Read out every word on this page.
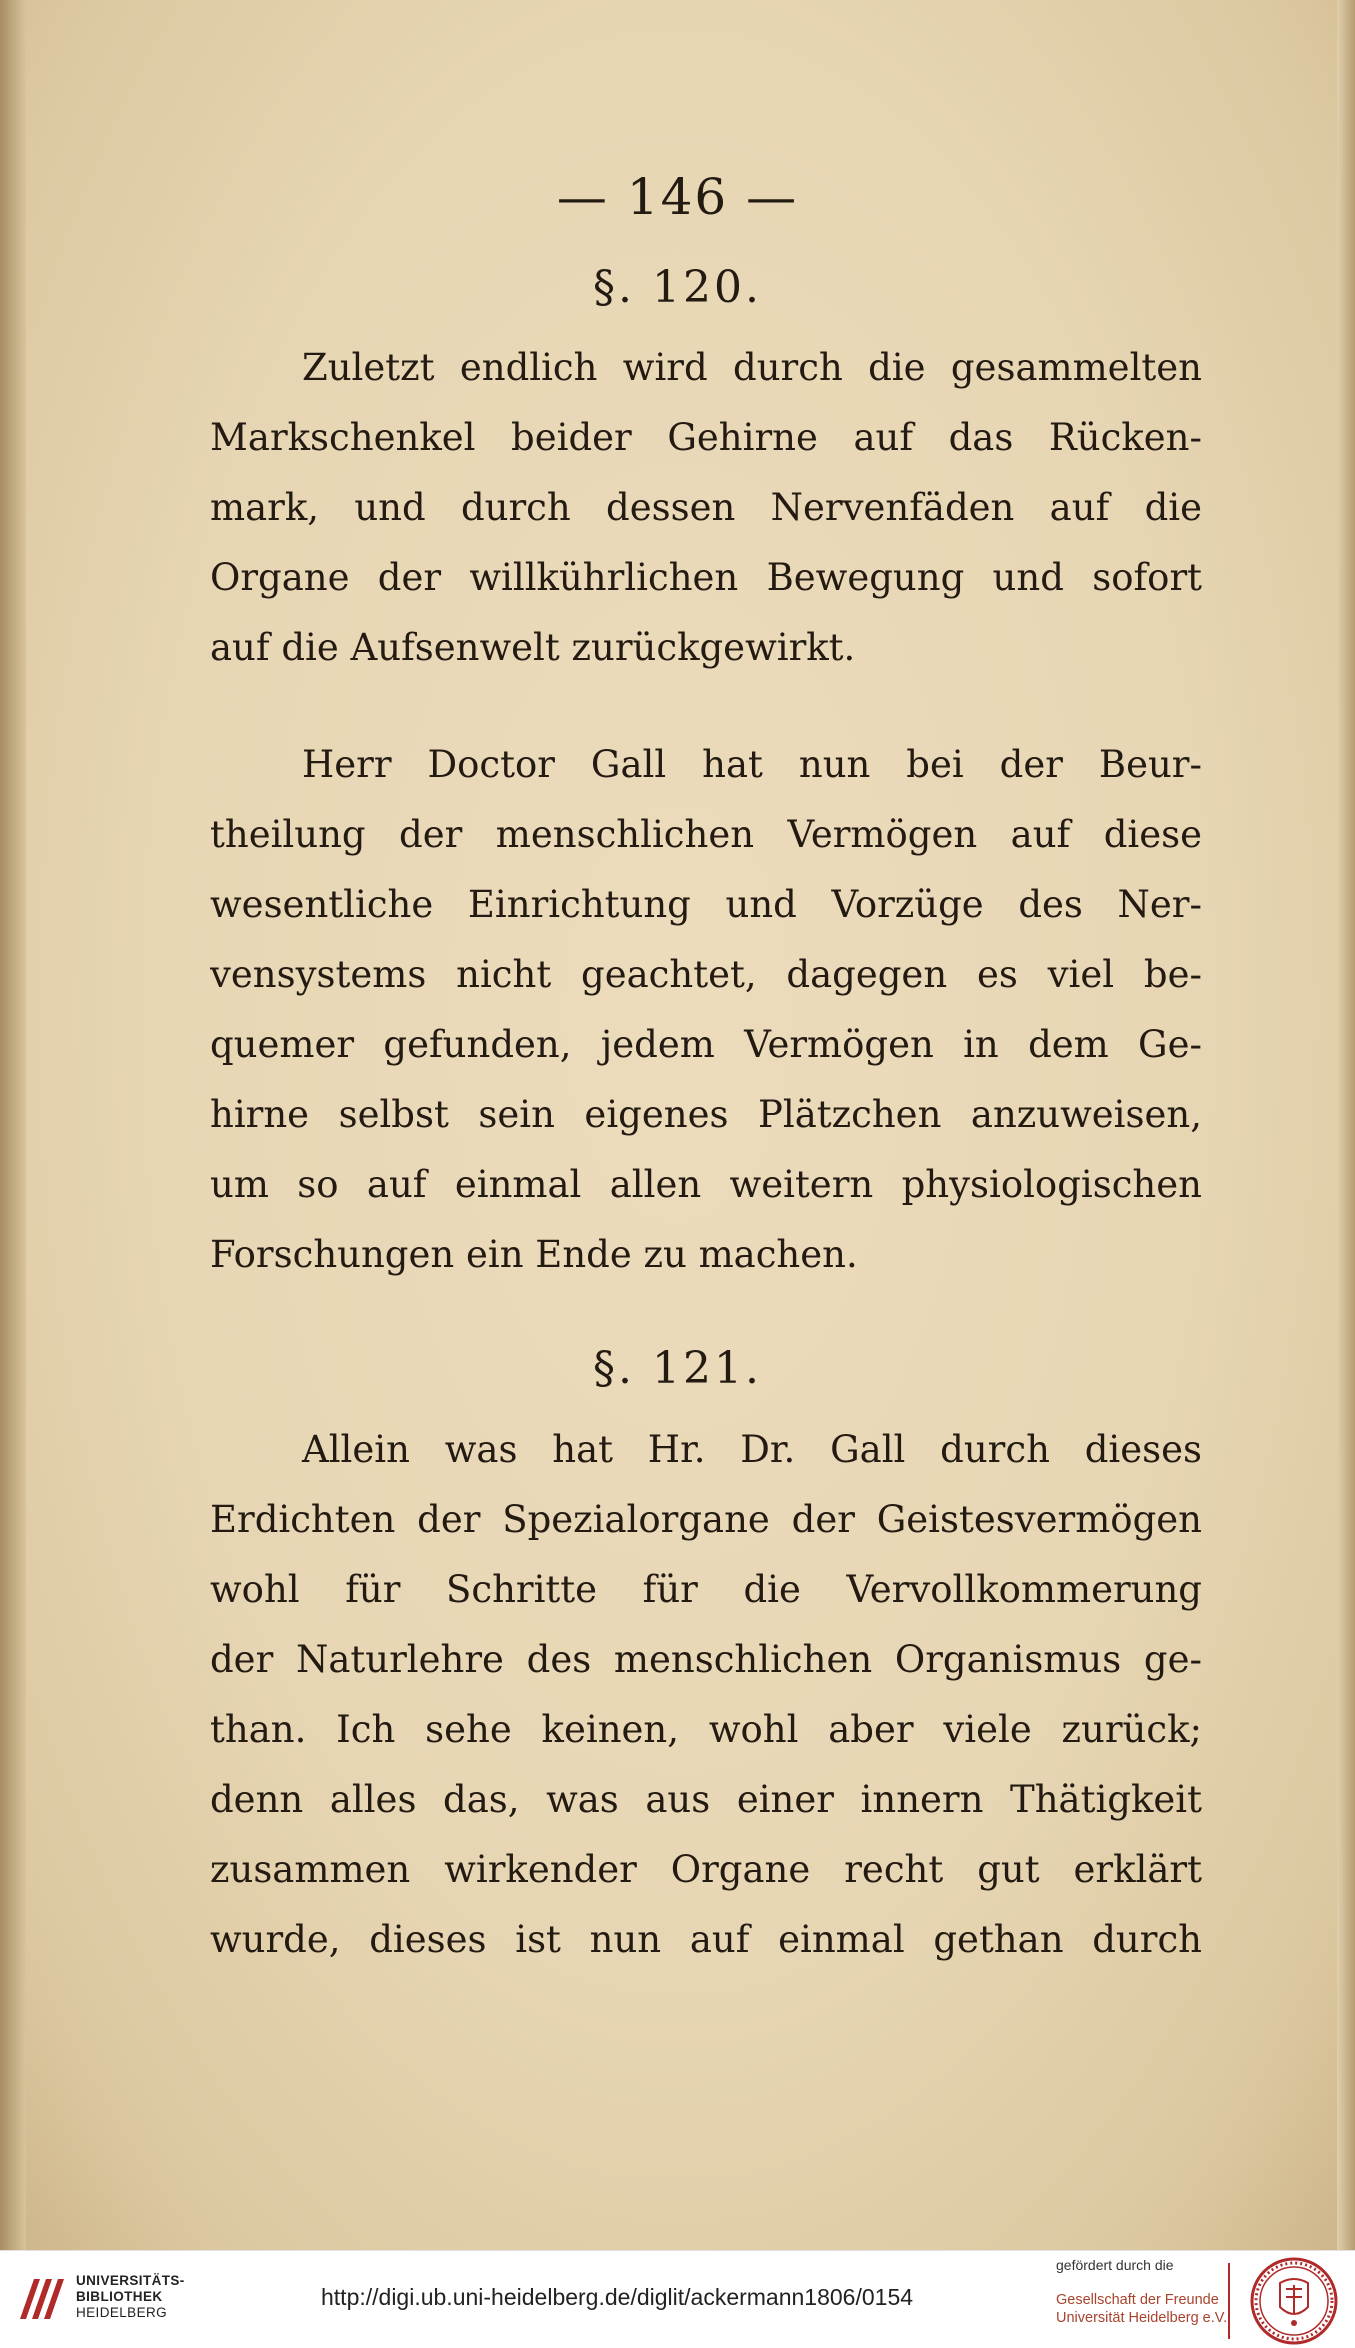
— 146 —
§. 120.
Zuletzt endlich wird durch die gesammelten
Markschenkel beider Gehirne auf das Rücken-
mark, und durch dessen Nervenfäden auf die
Organe der willkührlichen Bewegung und sofort
auf die Aufsenwelt zurückgewirkt.
Herr Doctor Gall hat nun bei der Beur-
theilung der menschlichen Vermögen auf diese
wesentliche Einrichtung und Vorzüge des Ner-
vensystems nicht geachtet, dagegen es viel be-
quemer gefunden, jedem Vermögen in dem Ge-
hirne selbst sein eigenes Plätzchen anzuweisen,
um so auf einmal allen weitern physiologischen
Forschungen ein Ende zu machen.
§. 121.
Allein was hat Hr. Dr. Gall durch dieses
Erdichten der Spezialorgane der Geistesvermögen
wohl für Schritte für die Vervollkommerung
der Naturlehre des menschlichen Organismus ge-
than. Ich sehe keinen, wohl aber viele zurück;
denn alles das, was aus einer innern Thätigkeit
zusammen wirkender Organe recht gut erklärt
wurde, dieses ist nun auf einmal gethan durch
UNIVERSITÄTS-
BIBLIOTHEK
HEIDELBERG
http://digi.ub.uni-heidelberg.de/diglit/ackermann1806/0154
gefördert durch die
Gesellschaft der Freunde
Universität Heidelberg e.V.
